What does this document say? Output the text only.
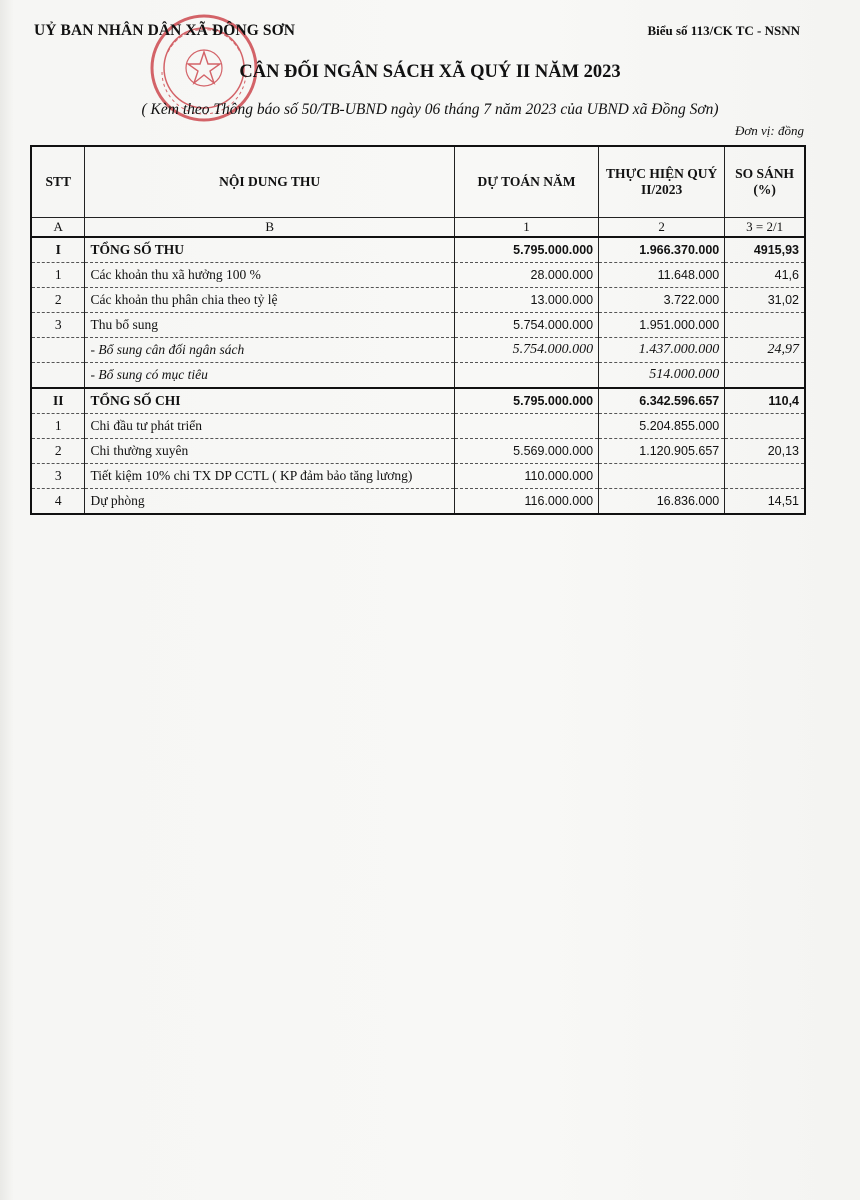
UỶ BAN NHÂN DÂN XÃ ĐÔNG SƠN	Biểu số 113/CK TC - NSNN
CÂN ĐỐI NGÂN SÁCH XÃ QUÝ II NĂM 2023
( Kèm theo Thông báo số 50/TB-UBND ngày 06 tháng 7 năm 2023 của UBND xã Đồng Sơn)
Đơn vị: đồng
STT	NỘI DUNG THU	DỰ TOÁN NĂM	THỰC HIỆN QUÝ II/2023	SO SÁNH (%)
A	B	1	2	3 = 2/1
I	TỔNG SỐ THU	5.795.000.000	1.966.370.000	4915,93
1	Các khoản thu xã hưởng 100 %	28.000.000	11.648.000	41,6
2	Các khoản thu phân chia theo tỷ lệ	13.000.000	3.722.000	31,02
3	Thu bổ sung	5.754.000.000	1.951.000.000	
	- Bổ sung cân đối ngân sách	5.754.000.000	1.437.000.000	24,97
	- Bổ sung có mục tiêu		514.000.000	
II	TỔNG SỐ CHI	5.795.000.000	6.342.596.657	110,4
1	Chi đầu tư phát triển		5.204.855.000	
2	Chi thường xuyên	5.569.000.000	1.120.905.657	20,13
3	Tiết kiệm 10% chi TX DP CCTL ( KP đảm bảo tăng lương)	110.000.000		
4	Dự phòng	116.000.000	16.836.000	14,51
